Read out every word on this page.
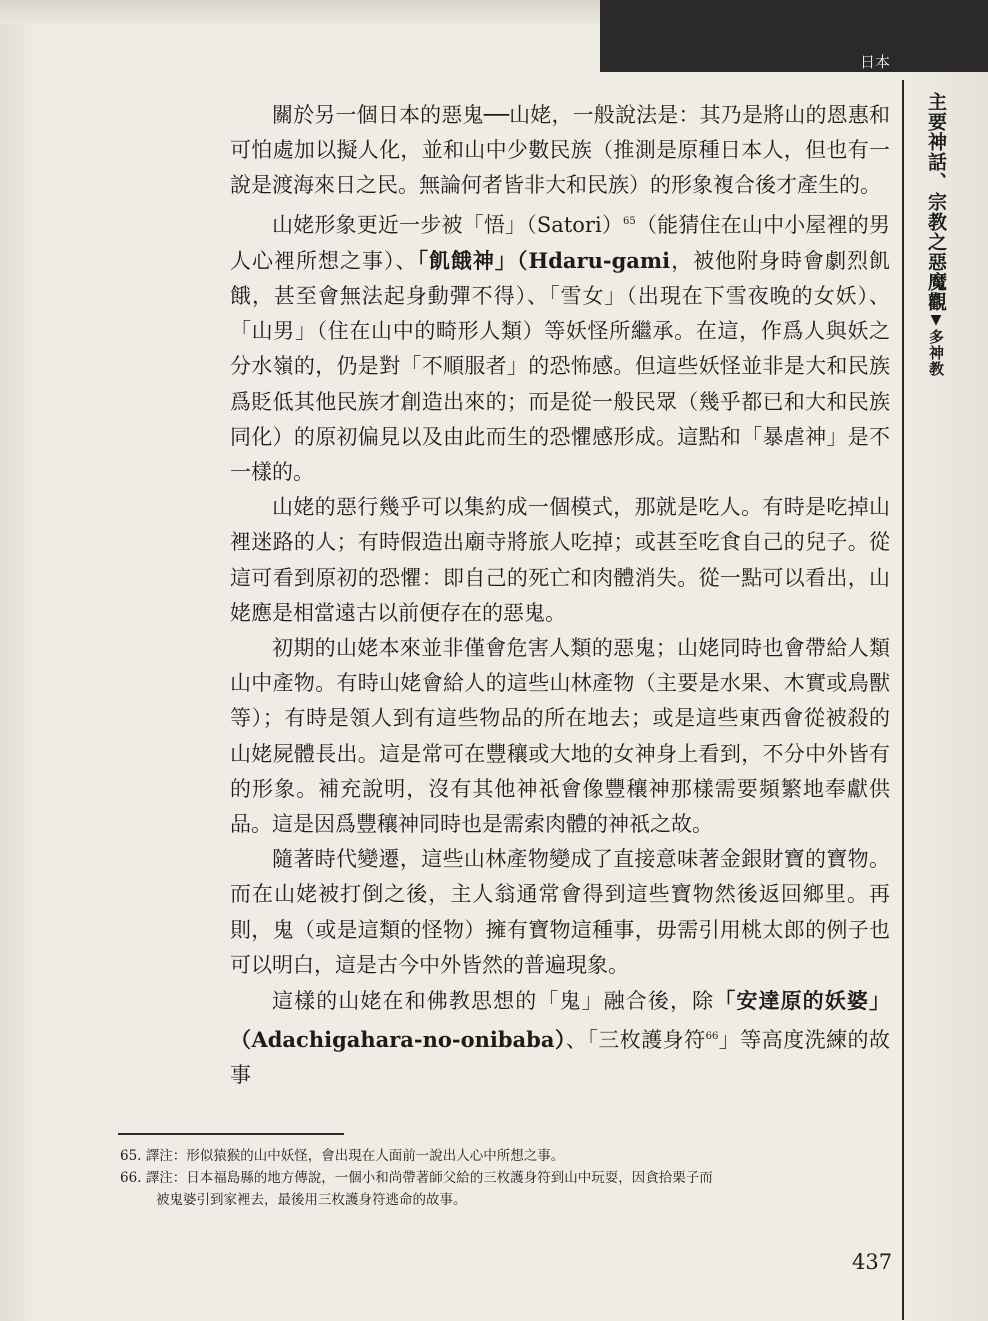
日本
主要神話、宗教之惡魔觀▼多神教

關於另一個日本的惡鬼──山姥，一般說法是：其乃是將山的恩惠和可怕處加以擬人化，並和山中少數民族（推測是原種日本人，但也有一說是渡海來日之民。無論何者皆非大和民族）的形象複合後才產生的。

山姥形象更近一步被「悟」（Satori）$^{65}$（能猜住在山中小屋裡的男人心裡所想之事）、「飢餓神」（Hdaru-gami，被他附身時會劇烈飢餓，甚至會無法起身動彈不得）、「雪女」（出現在下雪夜晚的女妖）、「山男」（住在山中的畸形人類）等妖怪所繼承。在這，作爲人與妖之分水嶺的，仍是對「不順服者」的恐怖感。但這些妖怪並非是大和民族爲貶低其他民族才創造出來的；而是從一般民眾（幾乎都已和大和民族同化）的原初偏見以及由此而生的恐懼感形成。這點和「暴虐神」是不一樣的。

山姥的惡行幾乎可以集約成一個模式，那就是吃人。有時是吃掉山裡迷路的人；有時假造出廟寺將旅人吃掉；或甚至吃食自己的兒子。從這可看到原初的恐懼：即自己的死亡和肉體消失。從一點可以看出，山姥應是相當遠古以前便存在的惡鬼。

初期的山姥本來並非僅會危害人類的惡鬼；山姥同時也會帶給人類山中產物。有時山姥會給人的這些山林產物（主要是水果、木實或鳥獸等）；有時是領人到有這些物品的所在地去；或是這些東西會從被殺的山姥屍體長出。這是常可在豐穰或大地的女神身上看到，不分中外皆有的形象。補充說明，沒有其他神祇會像豐穰神那樣需要頻繁地奉獻供品。這是因爲豐穰神同時也是需索肉體的神祇之故。

隨著時代變遷，這些山林產物變成了直接意味著金銀財寶的寶物。而在山姥被打倒之後，主人翁通常會得到這些寶物然後返回鄉里。再則，鬼（或是這類的怪物）擁有寶物這種事，毋需引用桃太郎的例子也可以明白，這是古今中外皆然的普遍現象。

這樣的山姥在和佛教思想的「鬼」融合後，除「安達原的妖婆」（Adachigahara-no-onibaba）、「三枚護身符$^{66}$」等高度洗練的故事

65. 譯注：形似猿猴的山中妖怪，會出現在人面前一說出人心中所想之事。

66. 譯注：日本福島縣的地方傳說，一個小和尚帶著師父給的三枚護身符到山中玩耍，因貪拾栗子而

被鬼婆引到家裡去，最後用三枚護身符逃命的故事。

437
